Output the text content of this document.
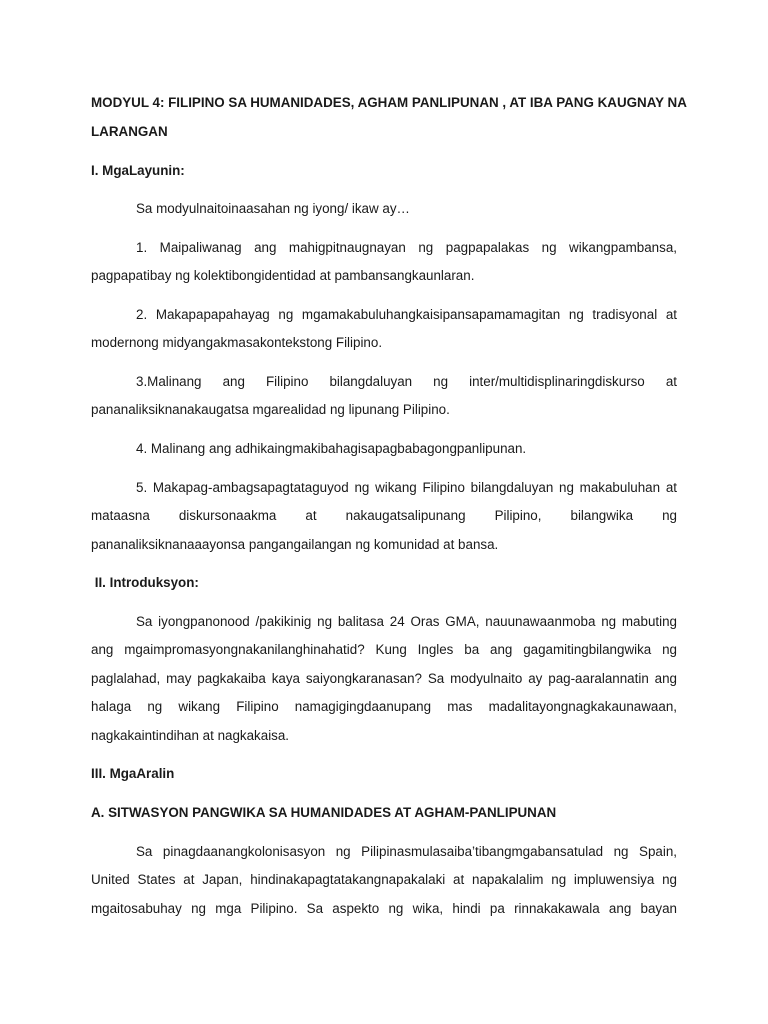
MODYUL 4: FILIPINO SA HUMANIDADES, AGHAM PANLIPUNAN , AT IBA PANG KAUGNAY NA
LARANGAN
I. MgaLayunin:
Sa modyulnaitoinaasahan ng iyong/ ikaw ay…
1. Maipaliwanag ang mahigpitnaugnayan ng pagpapalakas ng wikangpambansa,
pagpapatibay ng kolektibongidentidad at pambansangkaunlaran.
2. Makapapapahayag ng mgamakabuluhangkaisipansapamamagitan ng tradisyonal at
modernong midyangakmasakontekstong Filipino.
3.Malinang ang Filipino bilangdaluyan ng inter/multidisplinaringdiskurso at
pananaliksiknanakaugatsa mgarealidad ng lipunang Pilipino.
4. Malinang ang adhikaingmakibahagisapagbabagongpanlipunan.
5. Makapag-ambagsapagtataguyod ng wikang Filipino bilangdaluyan ng makabuluhan at
mataasna diskursonaakma at nakaugatsalipunang Pilipino, bilangwika ng
pananaliksiknanaaayonsa pangangailangan ng komunidad at bansa.
II. Introduksyon:
Sa iyongpanonood /pakikinig ng balitasa 24 Oras GMA, nauunawaanmoba ng mabuting
ang mgaimpromasyongnakanilanghinahatid? Kung Ingles ba ang gagamitingbilangwika ng
paglalahad, may pagkakaiba kaya saiyongkaranasan? Sa modyulnaito ay pag-aaralannatin ang
halaga ng wikang Filipino namagigingdaanupang mas madalitayongnagkakaunawaan,
nagkakaintindihan at nagkakaisa.
III. MgaAralin
A. SITWASYON PANGWIKA SA HUMANIDADES AT AGHAM-PANLIPUNAN
Sa pinagdaanangkolonisasyon ng Pilipinasmulasaiba’tibangmgabansatulad ng Spain,
United States at Japan, hindinakapagtatakangnapakalaki at napakalalim ng impluwensiya ng
mgaitosabuhay ng mga Pilipino. Sa aspekto ng wika, hindi pa rinnakakawala ang bayan
